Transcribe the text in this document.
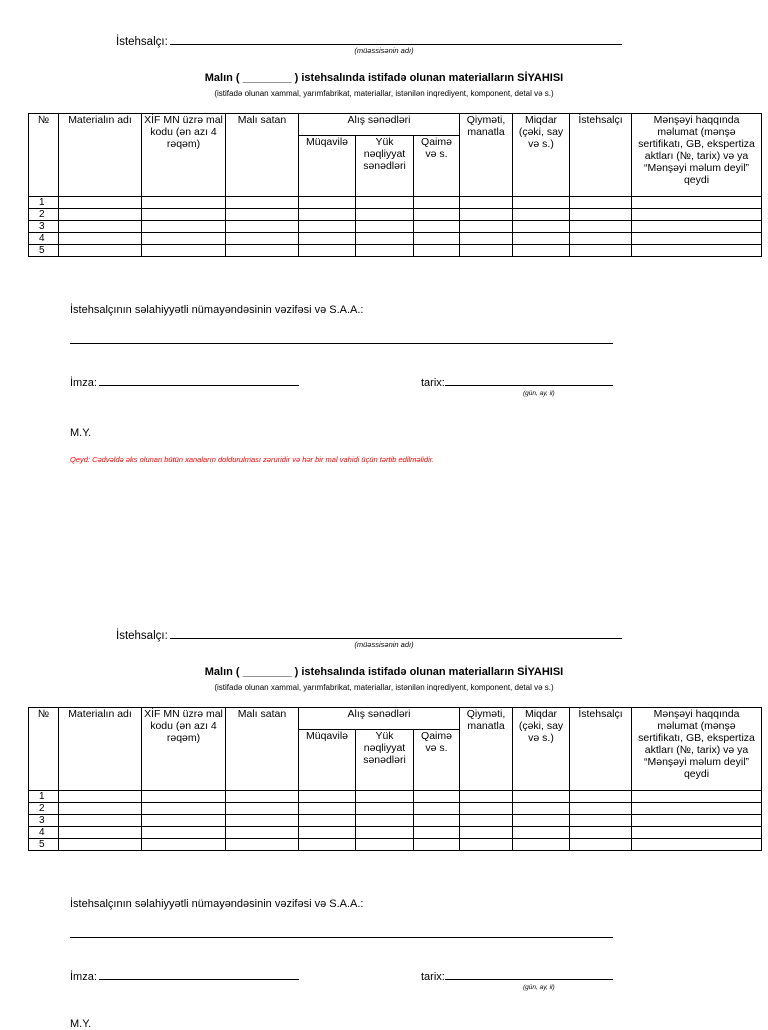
İstehsalçı:
(müəssisənin adı)
Malın ( ________ ) istehsalında istifadə olunan materialların SİYAHISI
(istifadə olunan xammal, yarımfabrikat, materiallar, istənilən inqrediyent, komponent, detal və s.)
№	Materialın adı	XİF MN üzrə mal kodu (ən azı 4 rəqəm)	Malı satan	Alış sənədləri			Qiyməti, manatla	Miqdar (çəki, say və s.)	İstehsalçı	Mənşəyi haqqında məlumat (mənşə sertifikatı, GB, ekspertiza aktları (№, tarix) və ya “Mənşəyi məlum deyil” qeydi
				Müqavilə	Yük nəqliyyat sənədləri	Qaimə və s.				
1										
2										
3										
4										
5										
İstehsalçının səlahiyyətli nümayəndəsinin vəzifəsi və S.A.A.:
İmza:	tarix:
(gün, ay, il)
M.Y.
Qeyd: Cədvəldə əks olunan bütün xanaların doldurulması zəruridir və hər bir mal vahidi üçün tərtib edilməlidir.
İstehsalçı:
(müəssisənin adı)
Malın ( ________ ) istehsalında istifadə olunan materialların SİYAHISI
(istifadə olunan xammal, yarımfabrikat, materiallar, istənilən inqrediyent, komponent, detal və s.)
№	Materialın adı	XİF MN üzrə mal kodu (ən azı 4 rəqəm)	Malı satan	Alış sənədləri			Qiyməti, manatla	Miqdar (çəki, say və s.)	İstehsalçı	Mənşəyi haqqında məlumat (mənşə sertifikatı, GB, ekspertiza aktları (№, tarix) və ya “Mənşəyi məlum deyil” qeydi
				Müqavilə	Yük nəqliyyat sənədləri	Qaimə və s.				
1										
2										
3										
4										
5										
İstehsalçının səlahiyyətli nümayəndəsinin vəzifəsi və S.A.A.:
İmza:	tarix:
(gün, ay, il)
M.Y.
